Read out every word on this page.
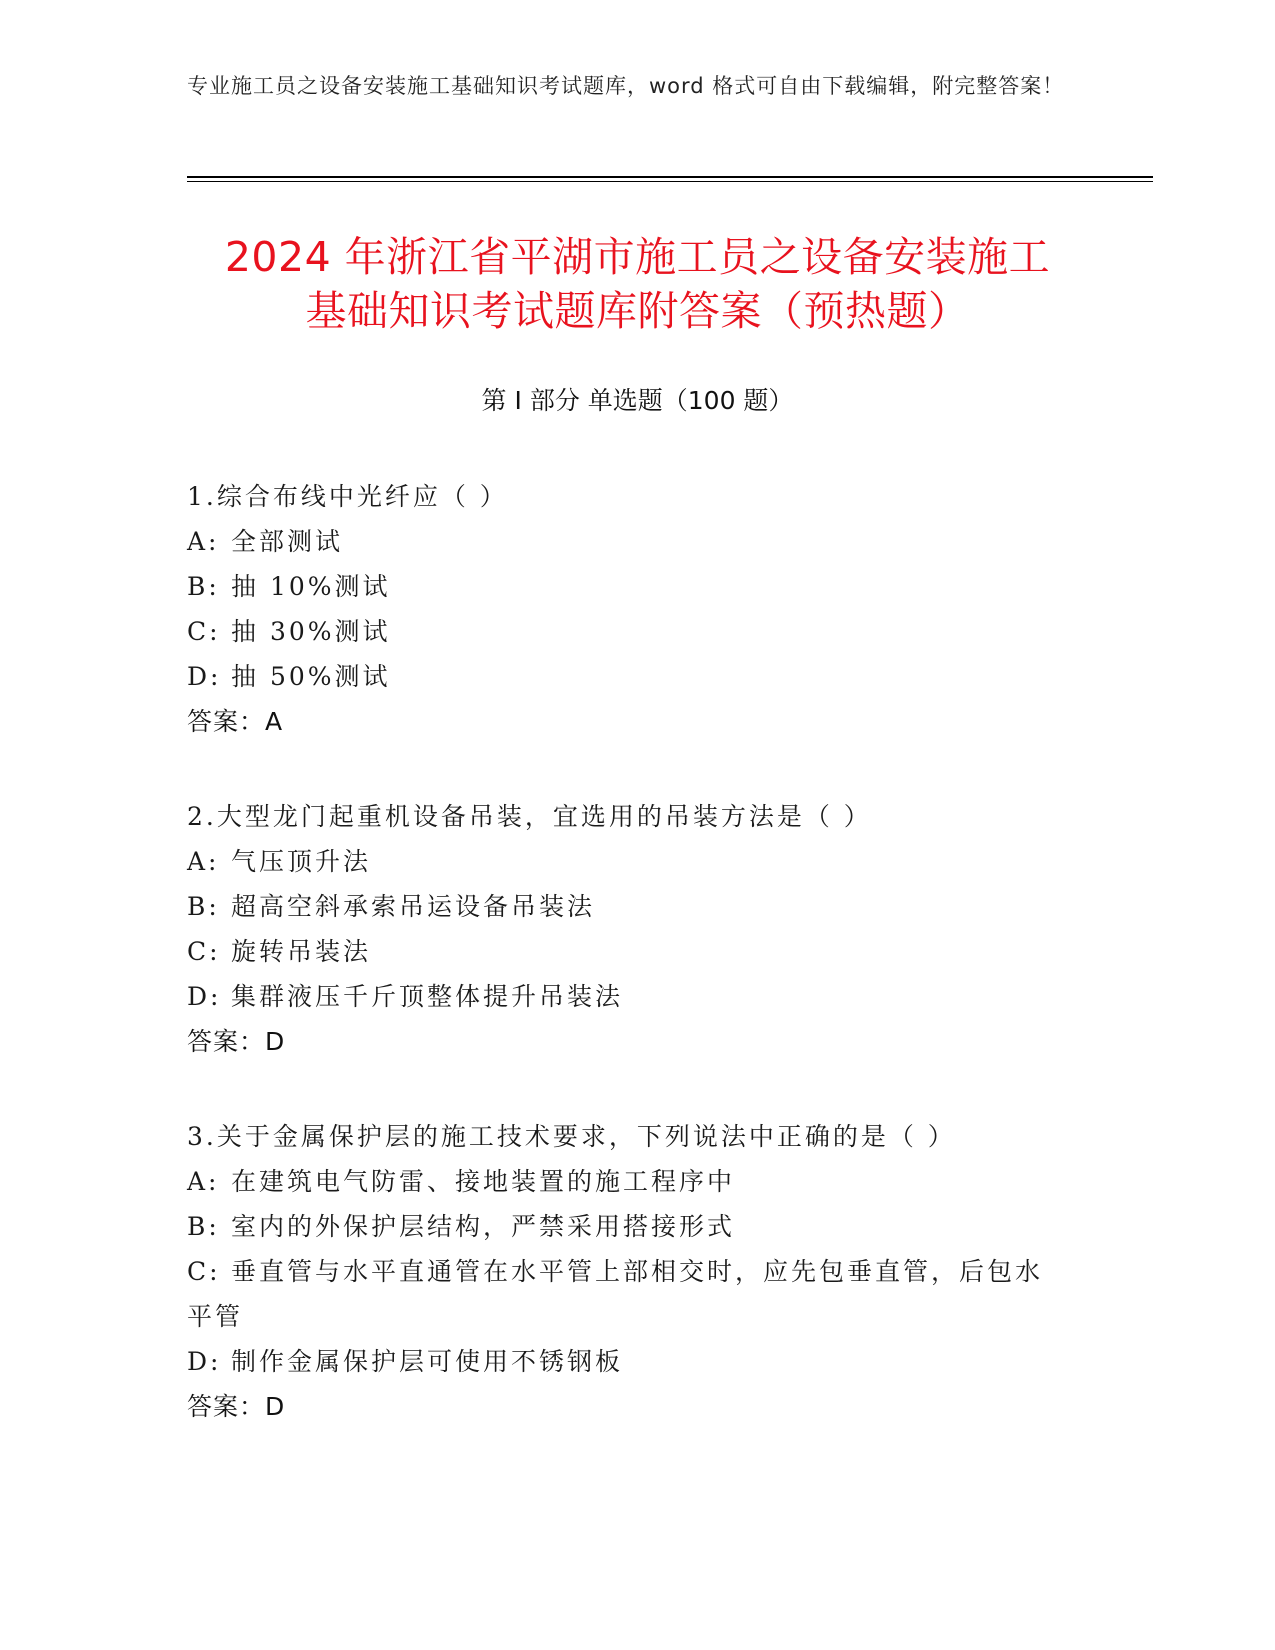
专业施工员之设备安装施工基础知识考试题库，word 格式可自由下载编辑，附完整答案！
2024 年浙江省平湖市施工员之设备安装施工
基础知识考试题库附答案（预热题）
第 I 部分 单选题（100 题）
1.综合布线中光纤应（ ）
A: 全部测试
B: 抽 10%测试
C: 抽 30%测试
D: 抽 50%测试
答案：A
2.大型龙门起重机设备吊装，宜选用的吊装方法是（ ）
A: 气压顶升法
B: 超高空斜承索吊运设备吊装法
C: 旋转吊装法
D: 集群液压千斤顶整体提升吊装法
答案：D
3.关于金属保护层的施工技术要求，下列说法中正确的是（ ）
A: 在建筑电气防雷、接地装置的施工程序中
B: 室内的外保护层结构，严禁采用搭接形式
C: 垂直管与水平直通管在水平管上部相交时，应先包垂直管，后包水平管
D: 制作金属保护层可使用不锈钢板
答案：D
